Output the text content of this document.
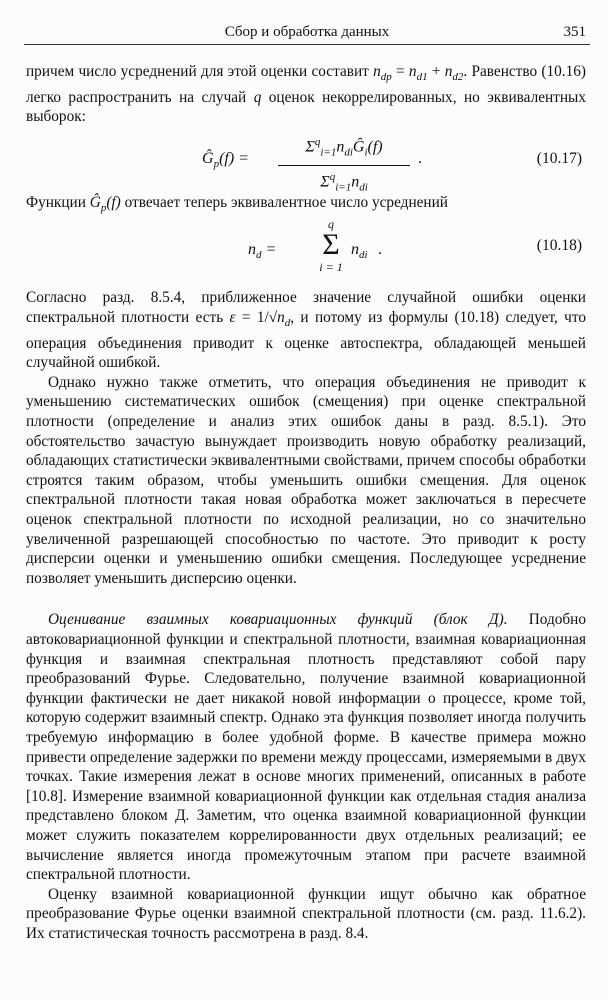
Сбор и обработка данных	351

причем число усреднений для этой оценки составит $n_{dp} = n_{d1} + n_{d2}$. Равенство (10.16) легко распространить на случай q оценок некоррелированных, но эквивалентных выборок:

$Ĝ_p(f)$ =
$\Sigma^q_{i=1}n_{di}Ĝ_i(f)$
$\Sigma^q_{i=1}n_{di}$
.	(10.17)

Функции $Ĝ_p(f)$ отвечает теперь эквивалентное число усреднений

$n_d$ =
q
Σ
i = 1
$n_{di}$ .	(10.18)

Согласно разд. 8.5.4, приближенное значение случайной ошибки оценки спектральной плотности есть $\varepsilon = 1/√n_d$, и потому из формулы (10.18) следует, что операция объединения приводит к оценке автоспектра, обладающей меньшей случайной ошибкой.

Однако нужно также отметить, что операция объединения не приводит к уменьшению систематических ошибок (смещения) при оценке спектральной плотности (определение и анализ этих ошибок даны в разд. 8.5.1). Это обстоятельство зачастую вынуждает производить новую обработку реализаций, обладающих статистически эквивалентными свойствами, причем способы обработки строятся таким образом, чтобы уменьшить ошибки смещения. Для оценок спектральной плотности такая новая обработка может заключаться в пересчете оценок спектральной плотности по исходной реализации, но со значительно увеличенной разрешающей способностью по частоте. Это приводит к росту дисперсии оценки и уменьшению ошибки смещения. Последующее усреднение позволяет уменьшить дисперсию оценки.

Оценивание взаимных ковариационных функций (блок Д). Подобно автоковариационной функции и спектральной плотности, взаимная ковариационная функция и взаимная спектральная плотность представляют собой пару преобразований Фурье. Следовательно, получение взаимной ковариационной функции фактически не дает никакой новой информации о процессе, кроме той, которую содержит взаимный спектр. Однако эта функция позволяет иногда получить требуемую информацию в более удобной форме. В качестве примера можно привести определение задержки по времени между процессами, измеряемыми в двух точках. Такие измерения лежат в основе многих применений, описанных в работе [10.8]. Измерение взаимной ковариационной функции как отдельная стадия анализа представлено блоком Д. Заметим, что оценка взаимной ковариационной функции может служить показателем коррелированности двух отдельных реализаций; ее вычисление является иногда промежуточным этапом при расчете взаимной спектральной плотности.

Оценку взаимной ковариационной функции ищут обычно как обратное преобразование Фурье оценки взаимной спектральной плотности (см. разд. 11.6.2). Их статистическая точность рассмотрена в разд. 8.4.
